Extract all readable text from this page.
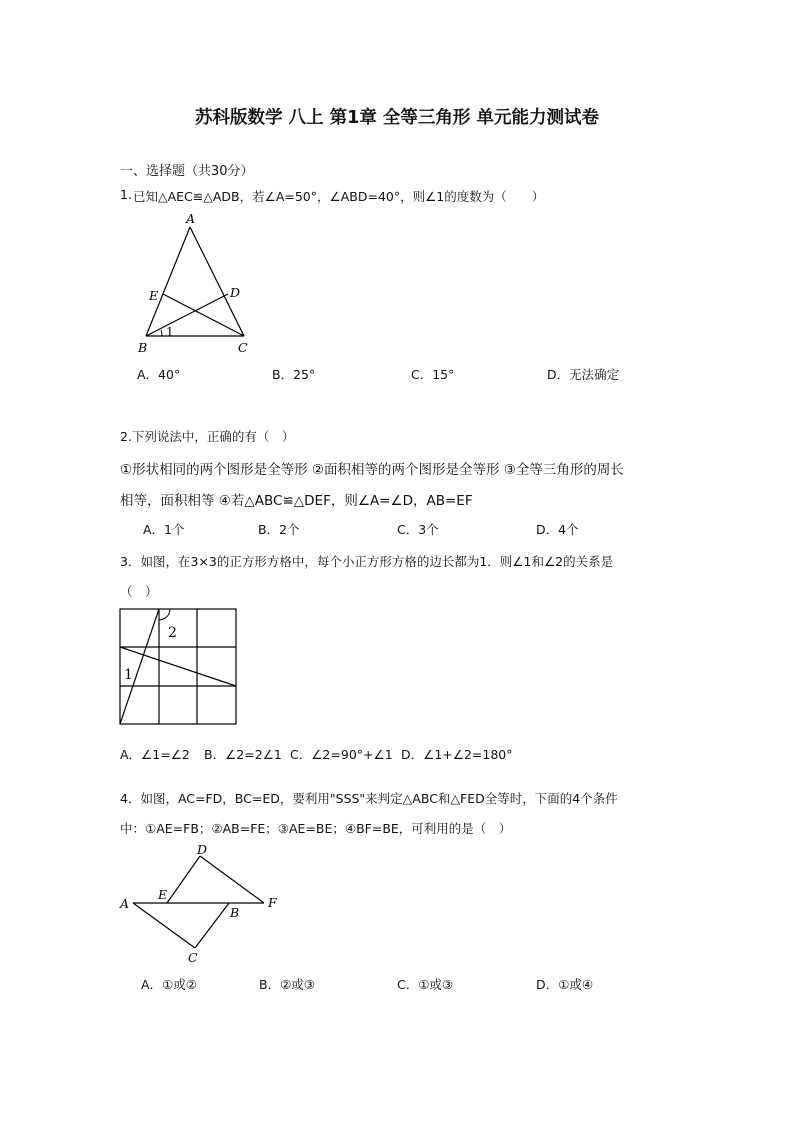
苏科版数学 八上 第1章 全等三角形 单元能力测试卷
一、选择题（共30分）
1. 已知△AEC≌△ADB，若∠A=50°，∠ABD=40°，则∠1的度数为（　　）
A
E	D
B	C
1
A．40°	B．25°	C．15°	D．无法确定
2.下列说法中，正确的有（　）
①形状相同的两个图形是全等形 ②面积相等的两个图形是全等形 ③全等三角形的周长
相等，面积相等 ④若△ABC≌△DEF，则∠A=∠D，AB=EF
A．1个	B．2个	C．3个	D．4个
3．如图，在3×3的正方形方格中，每个小正方形方格的边长都为1．则∠1和∠2的关系是
（　）
2
1
A．∠1=∠2 B．∠2=2∠1 C．∠2=90°+∠1 D．∠1+∠2=180°
4．如图，AC=FD，BC=ED，要利用"SSS"来判定△ABC和△FED全等时，下面的4个条件
中：①AE=FB；②AB=FE；③AE=BE；④BF=BE，可利用的是（　）
D
A
E
B
F
C
A．①或②	B．②或③	C．①或③	D．①或④
